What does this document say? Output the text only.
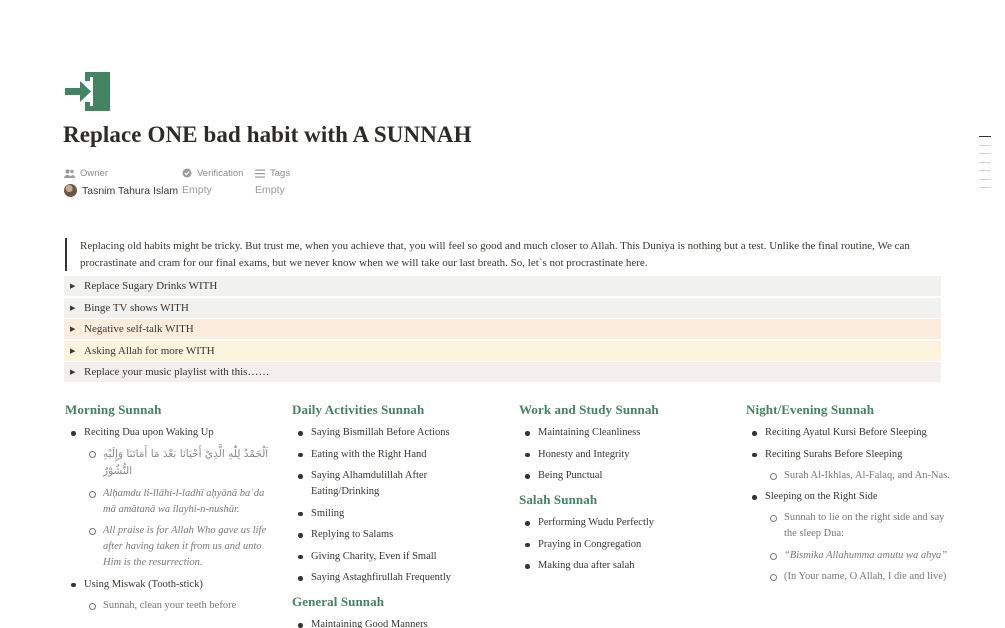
Replace ONE bad habit with A SUNNAH
Owner
Tasnim Tahura Islam
Verification
Empty
Tags
Empty
Replacing old habits might be tricky. But trust me, when you achieve that, you will feel so good and much closer to Allah. This Duniya is nothing but a test. Unlike the final routine, We can procrastinate and cram for our final exams, but we never know when we will take our last breath. So, let`s not procrastinate here.
▶ Replace Sugary Drinks WITH
▶ Binge TV shows WITH
▶ Negative self-talk WITH
▶ Asking Allah for more WITH
▶ Replace your music playlist with this……
Morning Sunnah
Reciting Dua upon Waking Up
اَلْحَمْدُ لِلّٰهِ الَّذِيْ أَحْيَانَا بَعْدَ مَا أَمَاتَنَا وَإِلَيْهِ النُّشُوْرُ
Alḥamdu li-llāhi-l-ladhī aḥyānā baʿda mā amātanā wa ilayhi-n-nushūr.
All praise is for Allah Who gave us life after having taken it from us and unto Him is the resurrection.
Using Miswak (Tooth-stick)
Sunnah, clean your teeth before
Daily Activities Sunnah
Saying Bismillah Before Actions
Eating with the Right Hand
Saying Alhamdulillah After Eating/Drinking
Smiling
Replying to Salams
Giving Charity, Even if Small
Saying Astaghfirullah Frequently
General Sunnah
Maintaining Good Manners
Work and Study Sunnah
Maintaining Cleanliness
Honesty and Integrity
Being Punctual
Salah Sunnah
Performing Wudu Perfectly
Praying in Congregation
Making dua after salah
Night/Evening Sunnah
Reciting Ayatul Kursi Before Sleeping
Reciting Surahs Before Sleeping
Surah Al-Ikhlas, Al-Falaq, and An-Nas.
Sleeping on the Right Side
Sunnah to lie on the right side and say the sleep Dua:
“Bismika Allahumma amutu wa ahya”
(In Your name, O Allah, I die and live)
